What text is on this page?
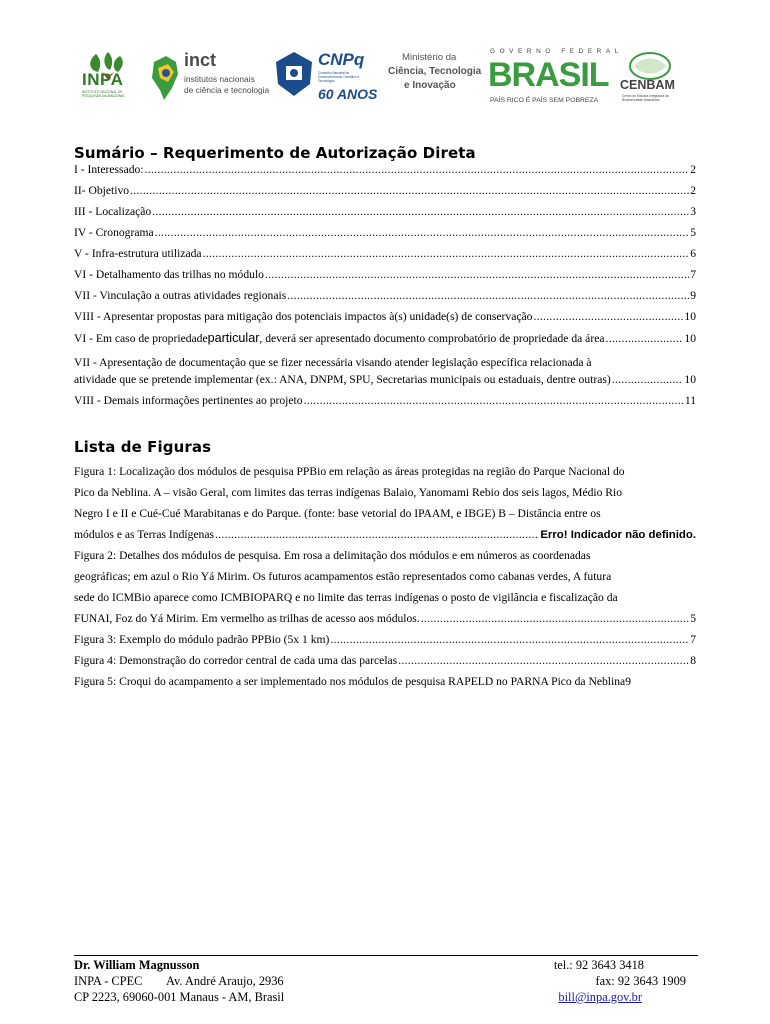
INPA
INSTITUTO NACIONAL DE PESQUISAS DA AMAZÔNIA
inct
institutos nacionais
de ciência e tecnologia
CNPq
Conselho Nacional de Desenvolvimento Científico e Tecnológico
60 ANOS
Ministério da
Ciência, Tecnologia
e Inovação
GOVERNO FEDERAL
BRASIL
PAÍS RICO É PAÍS SEM POBREZA
CENBAM
Centro de Estudos Integrados da Biodiversidade Amazônica
Sumário – Requerimento de Autorização Direta
I - Interessado: .....	2
II- Objetivo .....	2
III - Localização .....	3
IV - Cronograma .....	5
V - Infra-estrutura utilizada .....	6
VI - Detalhamento das trilhas no módulo .....	7
VII - Vinculação a outras atividades regionais .....	9
VIII - Apresentar propostas para mitigação dos potenciais impactos à(s) unidade(s) de conservação .....	10
VI - Em caso de propriedade particular , deverá ser apresentado documento comprobatório de propriedade da área .....	10
VII - Apresentação de documentação que se fizer necessária visando atender legislação específica relacionada à
atividade que se pretende implementar (ex.: ANA, DNPM, SPU, Secretarias municipais ou estaduais, dentre outras) .....	10
VIII - Demais informações pertinentes ao projeto .....	11
Lista de Figuras
Figura 1: Localização dos módulos de pesquisa PPBio em relação as áreas protegidas na região do Parque Nacional do
Pico da Neblina. A – visão Geral, com limites das terras indígenas Balaio, Yanomami Rebio dos seis lagos, Médio Rio
Negro I e II e Cué-Cué Marabitanas e do Parque. (fonte: base vetorial do IPAAM, e IBGE) B – Distância entre os
módulos e as Terras Indígenas .....	Erro! Indicador não definido.
Figura 2: Detalhes dos módulos de pesquisa. Em rosa a delimitação dos módulos e em números as coordenadas
geográficas; em azul o Rio Yá Mirim. Os futuros acampamentos estão representados como cabanas verdes, A futura
sede do ICMBio aparece como ICMBIOPARQ e no limite das terras indígenas o posto de vigilância e fiscalização da
FUNAI, Foz do Yá Mirim. Em vermelho as trilhas de acesso aos módulos. .....	5
Figura 3: Exemplo do módulo padrão PPBio (5x 1 km) .....	7
Figura 4: Demonstração do corredor central de cada uma das parcelas .....	8
Figura 5: Croqui do acampamento a ser implementado nos módulos de pesquisa RAPELD no PARNA Pico da Neblina 9
Dr. William Magnusson
INPA - CPEC Av. André Araujo, 2936
CP 2223, 69060-001 Manaus - AM, Brasil
tel.: 92 3643 3418
fax: 92 3643 1909
bill@inpa.gov.br
